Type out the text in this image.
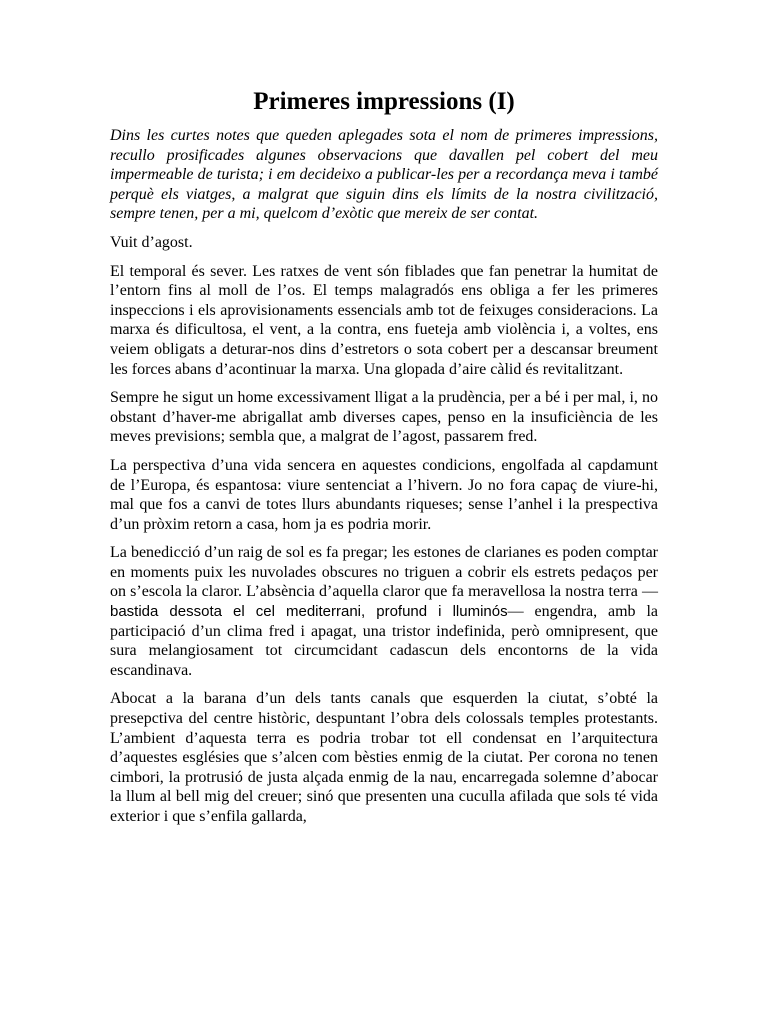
Primeres impressions (I)

Dins les curtes notes que queden aplegades sota el nom de primeres impressions, recullo prosificades algunes observacions que davallen pel cobert del meu impermeable de turista; i em decideixo a publicar-les per a recordança meva i també perquè els viatges, a malgrat que siguin dins els límits de la nostra civilització, sempre tenen, per a mi, quelcom d’exòtic que mereix de ser contat.

Vuit d’agost.

El temporal és sever. Les ratxes de vent són fiblades que fan penetrar la humitat de l’entorn fins al moll de l’os. El temps malagradós ens obliga a fer les primeres inspeccions i els aprovisionaments essencials amb tot de feixuges consideracions. La marxa és dificultosa, el vent, a la contra, ens fueteja amb violència i, a voltes, ens veiem obligats a deturar-nos dins d’estretors o sota cobert per a descansar breument les forces abans d’acontinuar la marxa. Una glopada d’aire càlid és revitalitzant.

Sempre he sigut un home excessivament lligat a la prudència, per a bé i per mal, i, no obstant d’haver-me abrigallat amb diverses capes, penso en la insuficiència de les meves previsions; sembla que, a malgrat de l’agost, passarem fred.

La perspectiva d’una vida sencera en aquestes condicions, engolfada al capdamunt de l’Europa, és espantosa: viure sentenciat a l’hivern. Jo no fora capaç de viure-hi, mal que fos a canvi de totes llurs abundants riqueses; sense l’anhel i la prespectiva d’un pròxim retorn a casa, hom ja es podria morir.

La benedicció d’un raig de sol es fa pregar; les estones de clarianes es poden comptar en moments puix les nuvolades obscures no triguen a cobrir els estrets pedaços per on s’escola la claror. L’absència d’aquella claror que fa meravellosa la nostra terra —bastida dessota el cel mediterrani, profund i lluminós— engendra, amb la participació d’un clima fred i apagat, una tristor indefinida, però omnipresent, que sura melangiosament tot circumcidant cadascun dels encontorns de la vida escandinava.

Abocat a la barana d’un dels tants canals que esquerden la ciutat, s’obté la presepctiva del centre històric, despuntant l’obra dels colossals temples protestants. L’ambient d’aquesta terra es podria trobar tot ell condensat en l’arquitectura d’aquestes esglésies que s’alcen com bèsties enmig de la ciutat. Per corona no tenen cimbori, la protrusió de justa alçada enmig de la nau, encarregada solemne d’abocar la llum al bell mig del creuer; sinó que presenten una cuculla afilada que sols té vida exterior i que s’enfila gallarda,
